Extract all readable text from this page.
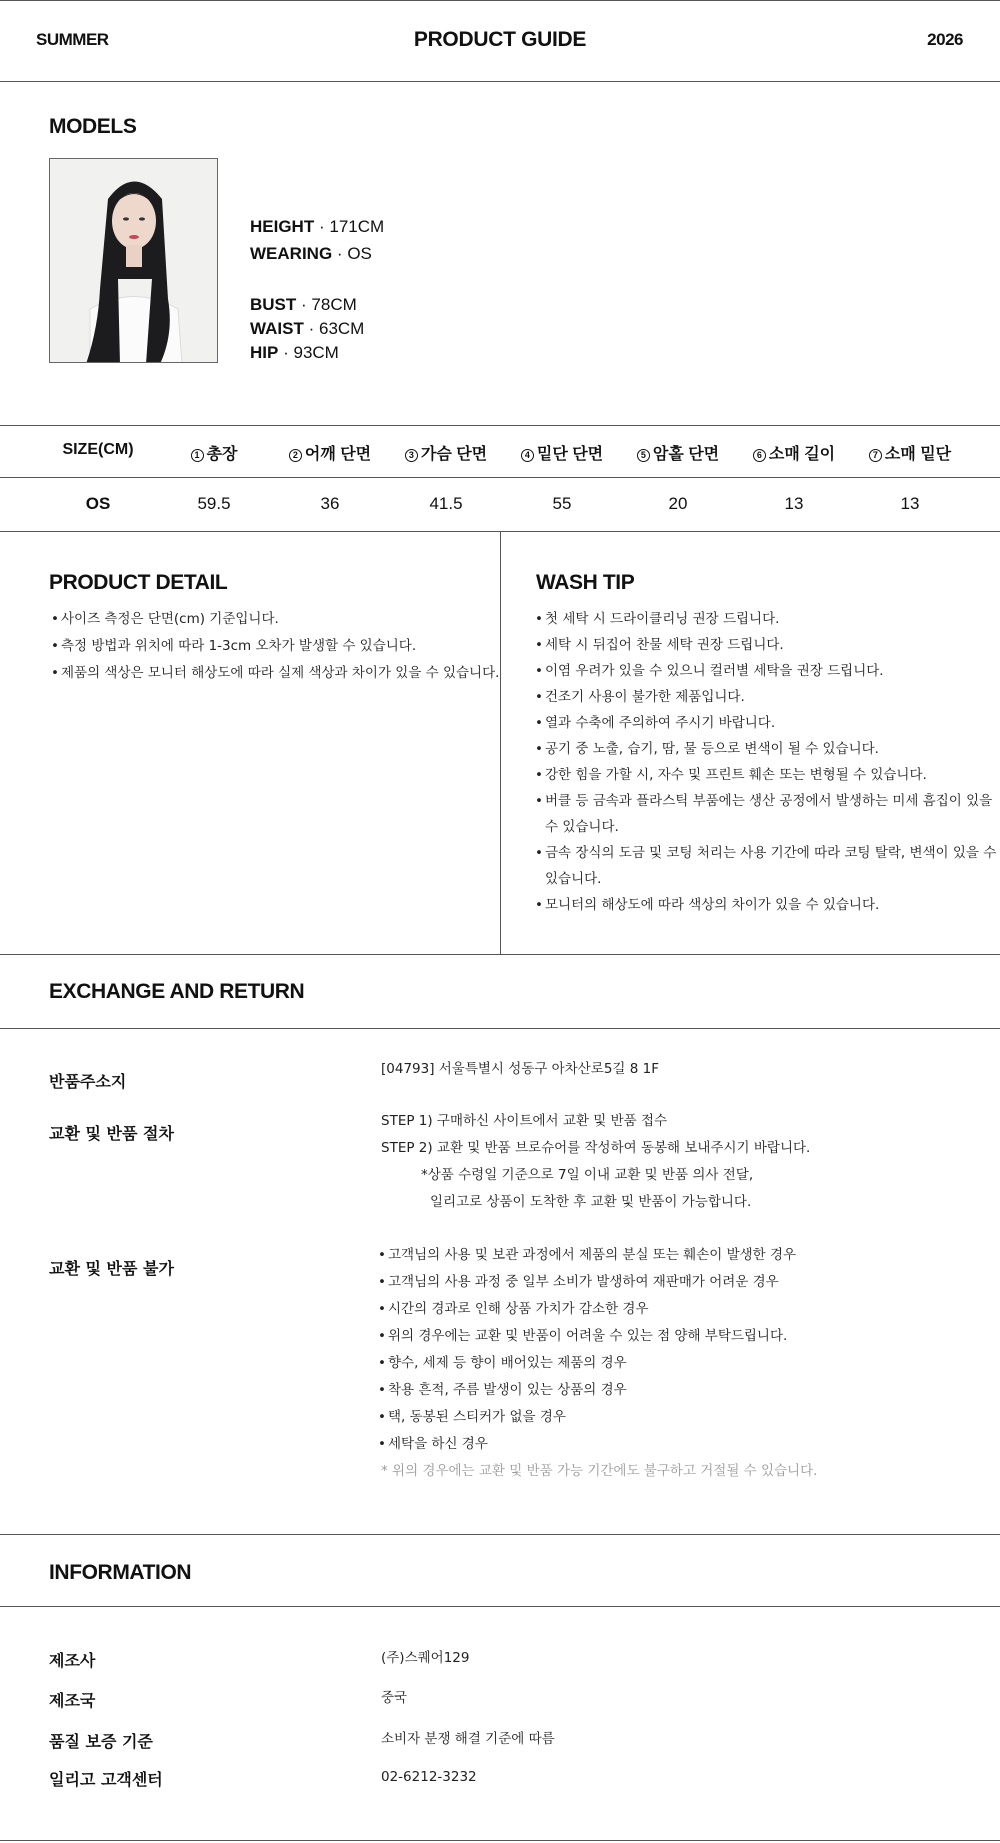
SUMMER	PRODUCT GUIDE	2026
MODELS
HEIGHT · 171CM
WEARING · OS
BUST · 78CM
WAIST · 63CM
HIP · 93CM
SIZE(CM)	1 총장	2 어깨 단면	3 가슴 단면	4 밑단 단면	5 암홀 단면	6 소매 길이	7 소매 밑단
OS	59.5	36	41.5	55	20	13	13
PRODUCT DETAIL
• 사이즈 측정은 단면(cm) 기준입니다.
• 측정 방법과 위치에 따라 1-3cm 오차가 발생할 수 있습니다.
• 제품의 색상은 모니터 해상도에 따라 실제 색상과 차이가 있을 수 있습니다.
WASH TIP
• 첫 세탁 시 드라이클리닝 권장 드립니다.
• 세탁 시 뒤집어 찬물 세탁 권장 드립니다.
• 이염 우려가 있을 수 있으니 컬러별 세탁을 권장 드립니다.
• 건조기 사용이 불가한 제품입니다.
• 열과 수축에 주의하여 주시기 바랍니다.
• 공기 중 노출, 습기, 땀, 물 등으로 변색이 될 수 있습니다.
• 강한 힘을 가할 시, 자수 및 프린트 훼손 또는 변형될 수 있습니다.
• 버클 등 금속과 플라스틱 부품에는 생산 공정에서 발생하는 미세 흠집이 있을
수 있습니다.
• 금속 장식의 도금 및 코팅 처리는 사용 기간에 따라 코팅 탈락, 변색이 있을 수
있습니다.
• 모니터의 해상도에 따라 색상의 차이가 있을 수 있습니다.
EXCHANGE AND RETURN
반품주소지
[04793] 서울특별시 성동구 아차산로5길 8 1F
교환 및 반품 절차
STEP 1) 구매하신 사이트에서 교환 및 반품 접수
STEP 2) 교환 및 반품 브로슈어를 작성하여 동봉해 보내주시기 바랍니다.
*상품 수령일 기준으로 7일 이내 교환 및 반품 의사 전달,
일리고로 상품이 도착한 후 교환 및 반품이 가능합니다.
교환 및 반품 불가
• 고객님의 사용 및 보관 과정에서 제품의 분실 또는 훼손이 발생한 경우
• 고객님의 사용 과정 중 일부 소비가 발생하여 재판매가 어려운 경우
• 시간의 경과로 인해 상품 가치가 감소한 경우
• 위의 경우에는 교환 및 반품이 어려울 수 있는 점 양해 부탁드립니다.
• 향수, 세제 등 향이 배어있는 제품의 경우
• 착용 흔적, 주름 발생이 있는 상품의 경우
• 택, 동봉된 스티커가 없을 경우
• 세탁을 하신 경우
* 위의 경우에는 교환 및 반품 가능 기간에도 불구하고 거절될 수 있습니다.
INFORMATION
제조사	(주)스퀘어129
제조국	중국
품질 보증 기준	소비자 분쟁 해결 기준에 따름
일리고 고객센터	02-6212-3232
